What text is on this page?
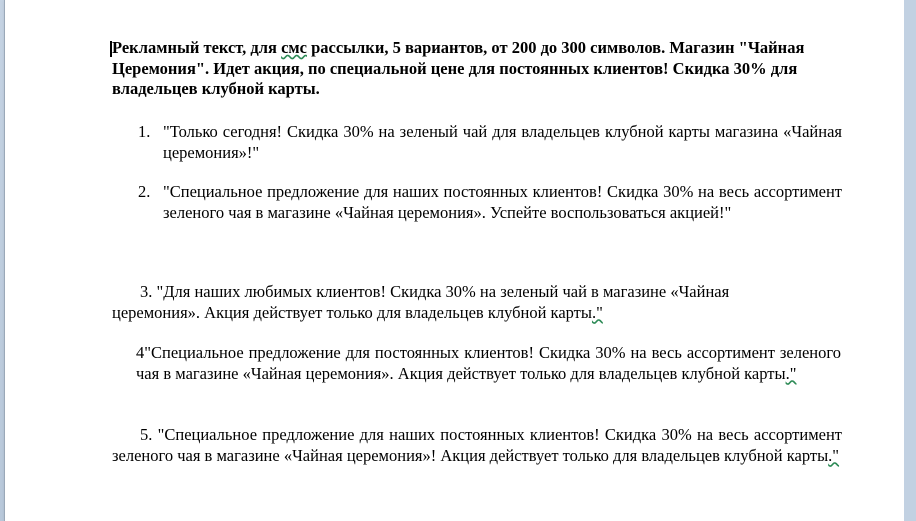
Рекламный текст, для смс рассылки, 5 вариантов, от 200 до 300 символов. Магазин "Чайная Церемония". Идет акция, по специальной цене для постоянных клиентов! Скидка 30% для владельцев клубной карты.

1. "Только сегодня! Скидка 30% на зеленый чай для владельцев клубной карты магазина «Чайная церемония»!"

2. "Специальное предложение для наших постоянных клиентов! Скидка 30% на весь ассортимент зеленого чая в магазине «Чайная церемония». Успейте воспользоваться акцией!"

3. "Для наших любимых клиентов! Скидка 30% на зеленый чай в магазине «Чайная церемония». Акция действует только для владельцев клубной карты."

4"Специальное предложение для постоянных клиентов! Скидка 30% на весь ассортимент зеленого чая в магазине «Чайная церемония». Акция действует только для владельцев клубной карты."

5. "Специальное предложение для наших постоянных клиентов! Скидка 30% на весь ассортимент зеленого чая в магазине «Чайная церемония»! Акция действует только для владельцев клубной карты."
